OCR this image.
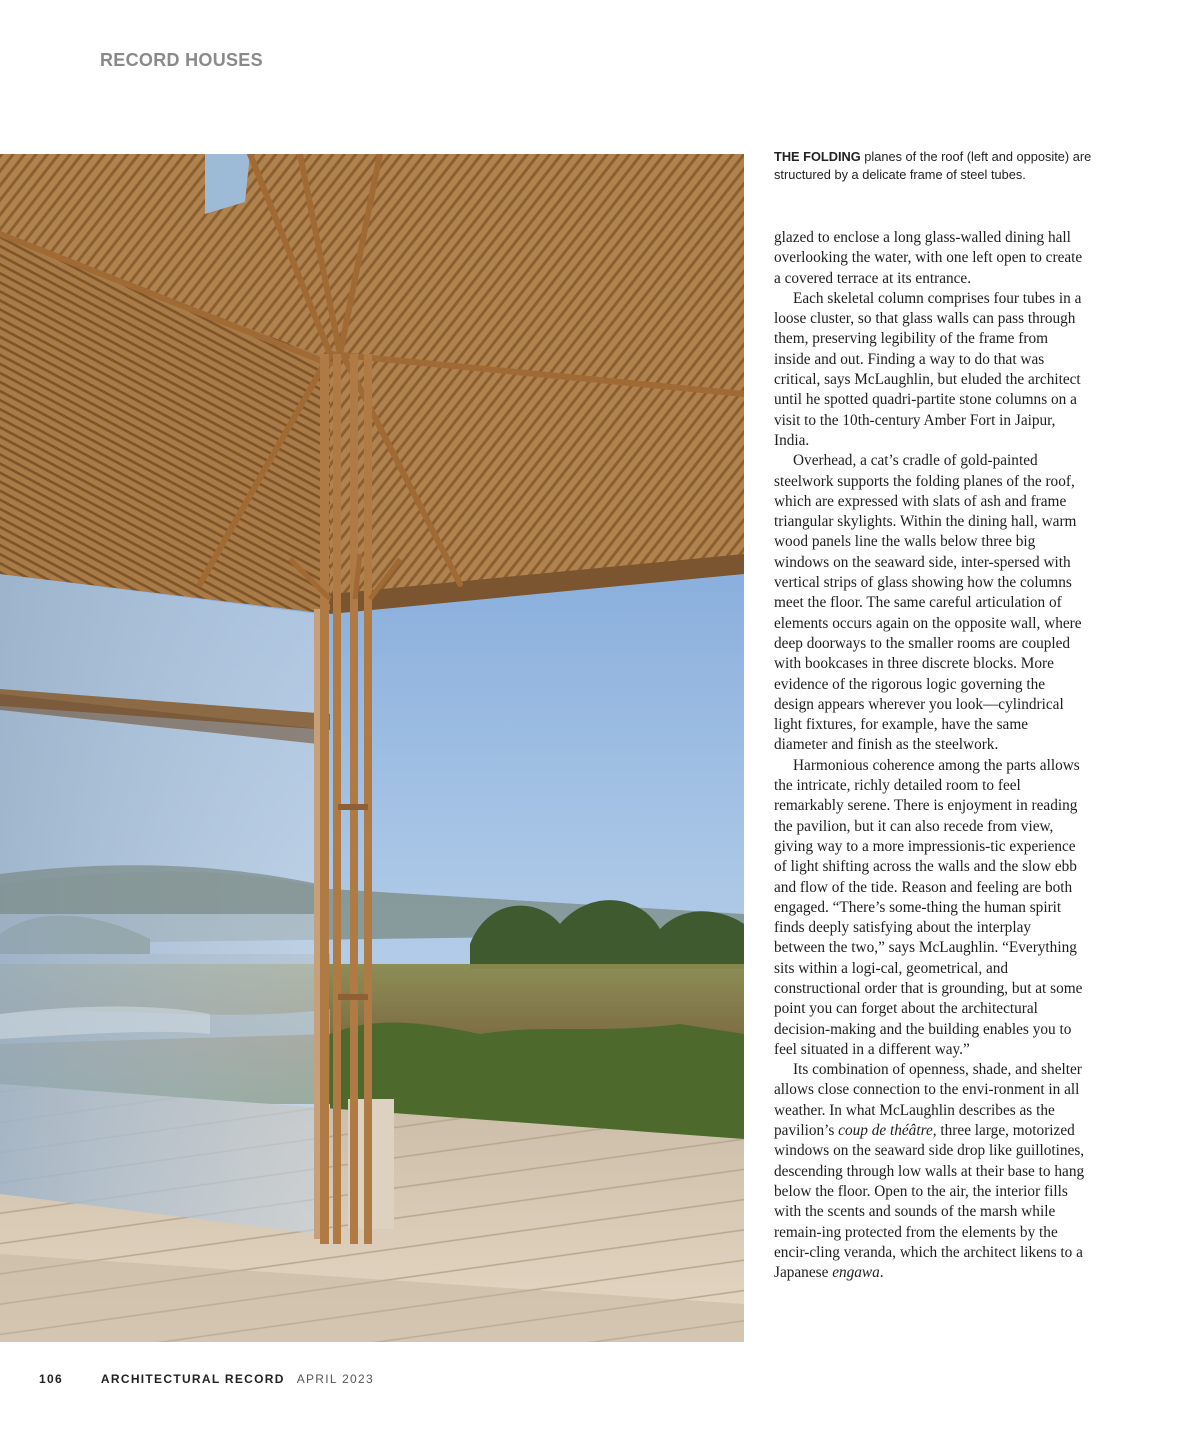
RECORD HOUSES
THE FOLDING planes of the roof (left and opposite) are structured by a delicate frame of steel tubes.

glazed to enclose a long glass-walled dining hall overlooking the water, with one left open to create a covered terrace at its entrance.

Each skeletal column comprises four tubes in a loose cluster, so that glass walls can pass through them, preserving legibility of the frame from inside and out. Finding a way to do that was critical, says McLaughlin, but eluded the architect until he spotted quadri-partite stone columns on a visit to the 10th-century Amber Fort in Jaipur, India.

Overhead, a cat’s cradle of gold-painted steelwork supports the folding planes of the roof, which are expressed with slats of ash and frame triangular skylights. Within the dining hall, warm wood panels line the walls below three big windows on the seaward side, inter-spersed with vertical strips of glass showing how the columns meet the floor. The same careful articulation of elements occurs again on the opposite wall, where deep doorways to the smaller rooms are coupled with bookcases in three discrete blocks. More evidence of the rigorous logic governing the design appears wherever you look—cylindrical light fixtures, for example, have the same diameter and finish as the steelwork.

Harmonious coherence among the parts allows the intricate, richly detailed room to feel remarkably serene. There is enjoyment in reading the pavilion, but it can also recede from view, giving way to a more impressionis-tic experience of light shifting across the walls and the slow ebb and flow of the tide. Reason and feeling are both engaged. “There’s some-thing the human spirit finds deeply satisfying about the interplay between the two,” says McLaughlin. “Everything sits within a logi-cal, geometrical, and constructional order that is grounding, but at some point you can forget about the architectural decision-making and the building enables you to feel situated in a different way.”

Its combination of openness, shade, and shelter allows close connection to the envi-ronment in all weather. In what McLaughlin describes as the pavilion’s coup de théâtre, three large, motorized windows on the seaward side drop like guillotines, descending through low walls at their base to hang below the floor. Open to the air, the interior fills with the scents and sounds of the marsh while remain-ing protected from the elements by the encir-cling veranda, which the architect likens to a Japanese engawa.

106	ARCHITECTURAL RECORD APRIL 2023
